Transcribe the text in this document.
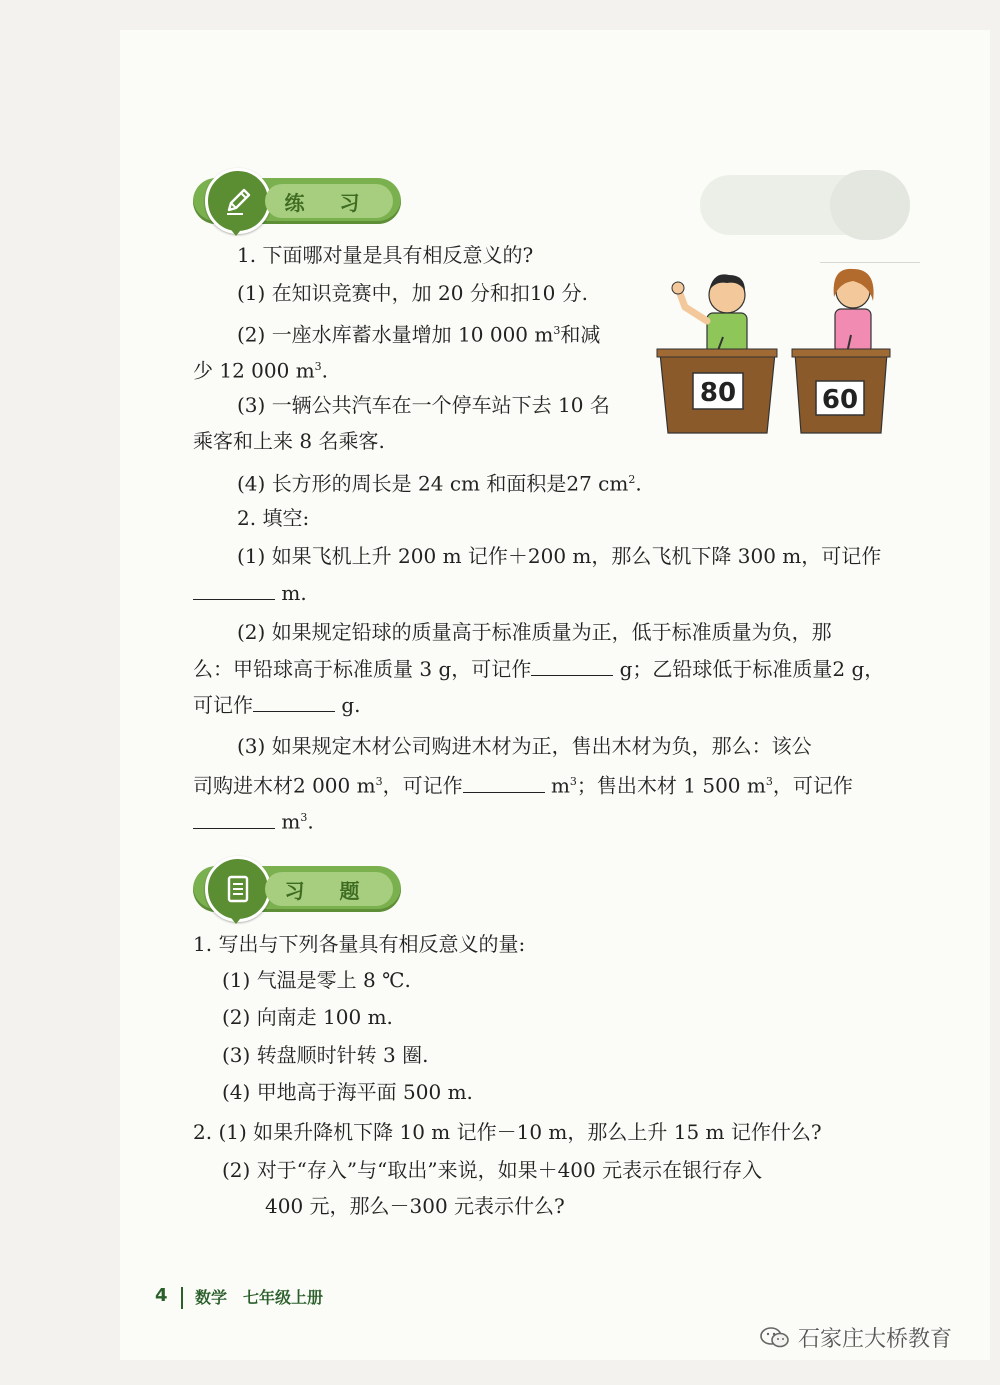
练 习
80	60
1. 下面哪对量是具有相反意义的?
(1) 在知识竞赛中，加 20 分和扣10 分.
(2) 一座水库蓄水量增加 10 000 $m^3$和减
少 12 000 $m^3$.
(3) 一辆公共汽车在一个停车站下去 10 名
乘客和上来 8 名乘客.
(4) 长方形的周长是 24 cm 和面积是27 $cm^2$.
2. 填空:
(1) 如果飞机上升 200 m 记作＋200 m，那么飞机下降 300 m，可记作
m.
(2) 如果规定铅球的质量高于标准质量为正，低于标准质量为负，那
么：甲铅球高于标准质量 3 g，可记作	g；乙铅球低于标准质量2 g，
可记作	g.
(3) 如果规定木材公司购进木材为正，售出木材为负，那么：该公
司购进木材2 000 $m^3$，可记作	$m^3$；售出木材 1 500 $m^3$，可记作
$m^3$.
习 题
1. 写出与下列各量具有相反意义的量:
(1) 气温是零上 8 ℃.
(2) 向南走 100 m.
(3) 转盘顺时针转 3 圈.
(4) 甲地高于海平面 500 m.
2. (1) 如果升降机下降 10 m 记作－10 m，那么上升 15 m 记作什么?
(2) 对于“存入”与“取出”来说，如果＋400 元表示在银行存入
400 元，那么－300 元表示什么?
4 数学　七年级上册
石家庄大桥教育
